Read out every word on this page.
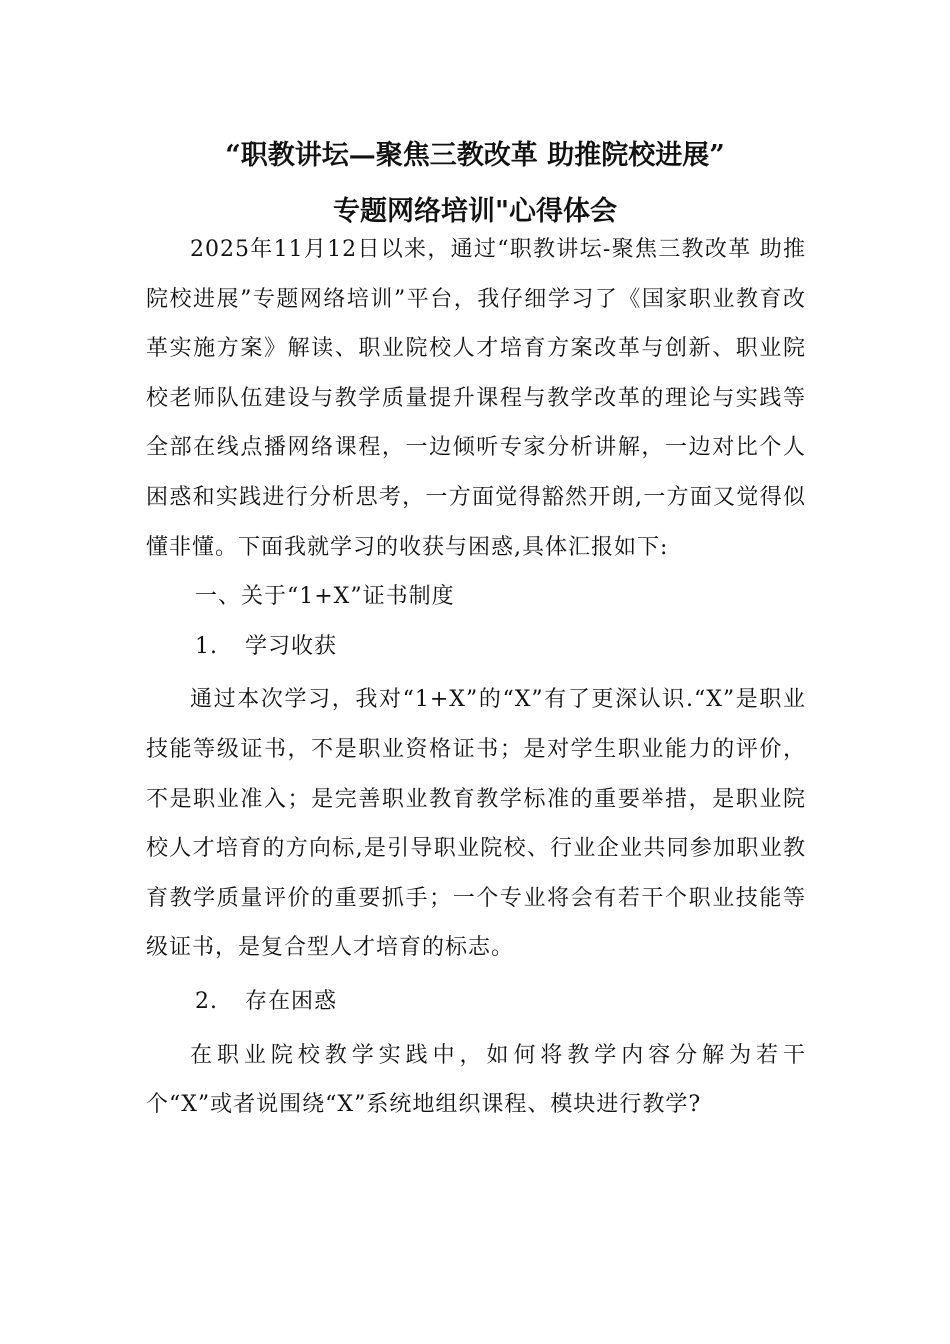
“职教讲坛—聚焦三教改革 助推院校进展”

专题网络培训"心得体会

2025年11月12日以来，通过“职教讲坛-聚焦三教改革 助推院校进展”专题网络培训”平台，我仔细学习了《国家职业教育改革实施方案》解读、职业院校人才培育方案改革与创新、职业院校老师队伍建设与教学质量提升课程与教学改革的理论与实践等全部在线点播网络课程，一边倾听专家分析讲解，一边对比个人困惑和实践进行分析思考，一方面觉得豁然开朗,一方面又觉得似懂非懂。下面我就学习的收获与困惑,具体汇报如下:

一、关于“1+X”证书制度

1. 学习收获

通过本次学习，我对“1+X”的“X”有了更深认识.“X”是职业技能等级证书，不是职业资格证书；是对学生职业能力的评价，不是职业准入；是完善职业教育教学标准的重要举措，是职业院校人才培育的方向标,是引导职业院校、行业企业共同参加职业教育教学质量评价的重要抓手；一个专业将会有若干个职业技能等级证书，是复合型人才培育的标志。

2. 存在困惑

在职业院校教学实践中，如何将教学内容分解为若干个“X”或者说围绕“X”系统地组织课程、模块进行教学?
